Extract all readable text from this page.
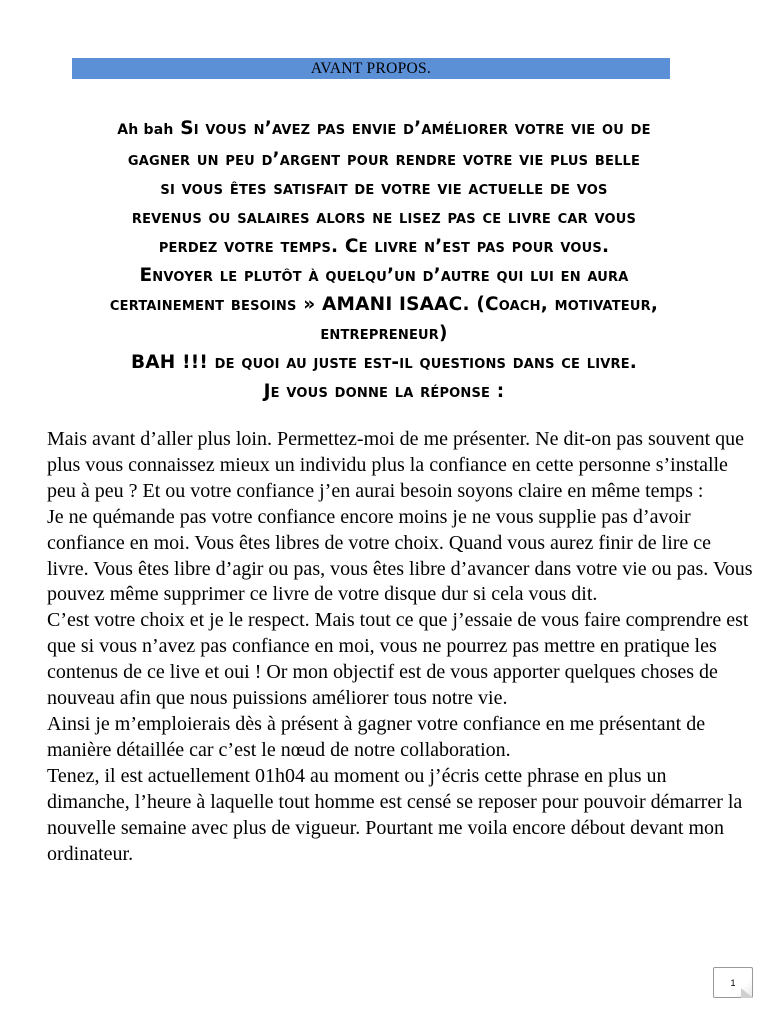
AVANT PROPOS.

Ah bah Si vous n’avez pas envie d’améliorer votre vie ou de

gagner un peu d’argent pour rendre votre vie plus belle

si vous êtes satisfait de votre vie actuelle de vos

revenus ou salaires alors ne lisez pas ce livre car vous

perdez votre temps. Ce livre n’est pas pour vous.

Envoyer le plutôt à quelqu’un d’autre qui lui en aura

certainement besoins » AMANI ISAAC. (Coach, motivateur,

entrepreneur)

BAH !!! de quoi au juste est-il questions dans ce livre.

Je vous donne la réponse :

Mais avant d’aller plus loin. Permettez-moi de me présenter. Ne dit-on pas souvent que plus vous connaissez mieux un individu plus la confiance en cette personne s’installe peu à peu ? Et ou votre confiance j’en aurai besoin soyons claire en même temps :

Je ne quémande pas votre confiance encore moins je ne vous supplie pas d’avoir confiance en moi. Vous êtes libres de votre choix. Quand vous aurez finir de lire ce livre. Vous êtes libre d’agir ou pas, vous êtes libre d’avancer dans votre vie ou pas. Vous pouvez même supprimer ce livre de votre disque dur si cela vous dit.

C’est votre choix et je le respect. Mais tout ce que j’essaie de vous faire comprendre est que si vous n’avez pas confiance en moi, vous ne pourrez pas mettre en pratique les contenus de ce live et oui ! Or mon objectif est de vous apporter quelques choses de nouveau afin que nous puissions améliorer tous notre vie.

Ainsi je m’emploierais dès à présent à gagner votre confiance en me présentant de manière détaillée car c’est le nœud de notre collaboration.

Tenez, il est actuellement 01h04 au moment ou j’écris cette phrase en plus un dimanche, l’heure à laquelle tout homme est censé se reposer pour pouvoir démarrer la nouvelle semaine avec plus de vigueur. Pourtant me voila encore débout devant mon ordinateur.

1
